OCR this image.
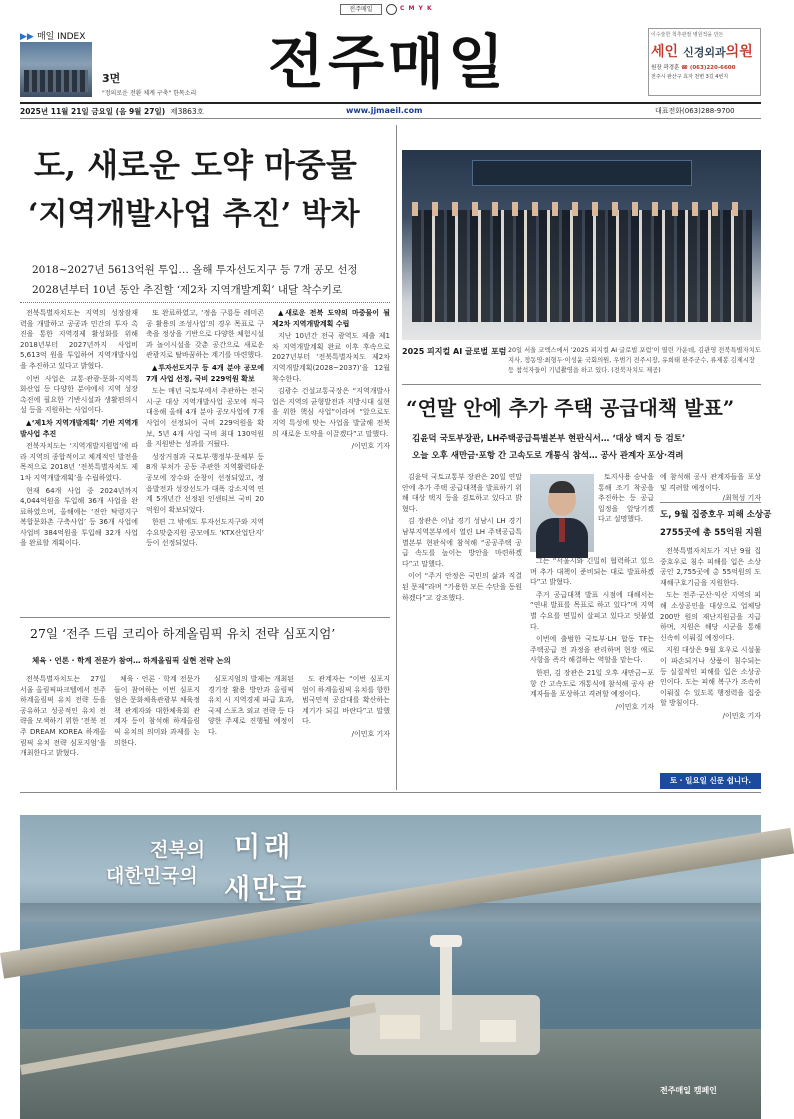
전주매일	C M Y K
▶▶ 매일 INDEX
3면
"정의로운 전환 체계 구축" 한목소리 전주매일	이수술한 척추관절 병원적을 만든
세인 신경외과의원
원장 곽경훈 ☎ (063)220-6600
전주시 완산구 효자 천변 3길 4번지
2025년 11월 21일 금요일 (음 9월 27일) 제3863호	www.jjmaeil.com	대표전화(063)288-9700
도, 새로운 도약 마중물
‘지역개발사업 추진’ 박차
2018~2027년 5613억원 투입… 올해 투자선도지구 등 7개 공모 선정
2028년부터 10년 동안 추진할 ‘제2차 지역개발계획’ 내달 착수키로

전북특별자치도는 지역의 성장잠재력을 개발하고 공공과 민간의 투자 촉진을 통한 지역경제 활성화를 위해 2018년부터 2027년까지 사업비 5,613억 원을 투입하여 지역개발사업을 추진하고 있다고 밝혔다.

이번 사업은 교통·관광·문화·지역특화산업 등 다양한 분야에서 지역 성장촉진에 필요한 기반시설과 생활편의시설 등을 지원하는 사업이다.

▲‘제1차 지역개발계획’ 기반 지역개발사업 추진

전북자치도는 ‘지역개발지원법’에 따라 지역의 종합적이고 체계적인 발전을 목적으로 2018년 ‘전북특별자치도 제1차 지역개발계획’을 수립하였다.

현재 64개 사업 중 2024년까지 4,044억원을 투입해 36개 사업을 완료하였으며, 올해에는 ‘진안 탁령지구 복합문화촌 구축사업’ 등 36개 사업에 사업비 384억원을 투입해 32개 사업을 완료할 계획이다.

또 완료하였고, ‘정읍 구룡동 레미콘공 활용의 조성사업’의 경우 목표로 구축을 정상을 기반으로 다양한 체험시설과 놀이시설을 갖춘 공간으로 새로운 관광지로 탈바꿈하는 계기를 마련했다.

▲투자선도지구 등 4개 분야 공모에 7개 사업 선정, 국비 229억원 확보

도는 매년 국토부에서 주관하는 전국 시·군 대상 지역개발사업 공모에 적극 대응해 올해 4개 분야 공모사업에 7개 사업이 선정되어 국비 229억원을 확보, 5년 4개 사업 국비 최대 130억원을 지원받는 성과를 거뒀다.

성장거점과 국토부·행정부·문체부 등 8개 부처가 공동 주관한 지역활력타운 공모에 장수와 순창이 선정되었고, 정읍발전과 성장선도가 대폭 강소지역 연계 5개년간 선정된 인센티브 국비 20억원이 확보되었다.

한편 그 밖에도 투자선도지구와 지역수요맞춤지원 공모에도 ‘KTX산업단지’ 등이 선정되었다.

▲새로운 전북 도약의 마중물이 될 제2차 지역개발계획 수립

지난 10년간 전국 광역도 제출 제1차 지역개발계획 완료 이후 후속으로 2027년부터 ‘전북특별자치도 제2차 지역개발계획(2028~2037)’을 12월 착수한다.

김광수 건설교통국장은 “지역개발사업은 지역의 균형발전과 지방시대 실현을 위한 핵심 사업”이라며 “앞으로도 지역 특성에 맞는 사업을 발굴해 전북의 새로운 도약을 이끌겠다”고 말했다.

/이민호 기자

2025 피지컬 AI 글로벌 포럼 20일 서울 코엑스에서 ‘2025 피지컬 AI 글로벌 포럼’이 열린 가운데, 김관영 전북특별자치도지사, 정동영·최형두·이성윤 국회의원, 우범기 전주시장, 유희태 완주군수, 류제봉 김제시장 등 참석자들이 기념촬영을 하고 있다. (전북자치도 제공)
“연말 안에 추가 주택 공급대책 발표”
김윤덕 국토부장관, LH주택공급특별본부 현판식서… ‘대상 택지 등 검토’
오늘 오후 새만금·포항 간 고속도로 개통식 참석… 공사 관계자 포상·격려

김윤덕 국토교통부 장관은 20일 연말 안에 추가 주택 공급대책을 발표하기 위해 대상 택지 등을 검토하고 있다고 밝혔다.

김 장관은 이날 경기 성남시 LH 경기남부지역본부에서 열린 LH 주택공급특별본부 현판식에 참석해 “공공주택 공급 속도를 높이는 방안을 마련하겠다”고 말했다.

이어 “주거 안정은 국민의 삶과 직결된 문제”라며 “가용한 모든 수단을 동원하겠다”고 강조했다.

토지사용 승낙을 통해 조기 착공을 추진하는 등 공급 일정을 앞당기겠다고 설명했다.

그는 “서울시와 긴밀히 협력하고 있으며 추가 대책이 준비되는 대로 발표하겠다”고 밝혔다.

주거 공급대책 발표 시점에 대해서는 “연내 발표를 목표로 하고 있다”며 지역별 수요를 면밀히 살피고 있다고 덧붙였다.

이번에 출범한 국토부·LH 합동 TF는 주택공급 전 과정을 관리하며 현장 애로사항을 즉각 해결하는 역할을 맡는다.

한편, 김 장관은 21일 오후 새만금~포항 간 고속도로 개통식에 참석해 공사 관계자들을 포상하고 격려할 예정이다.

/이민호 기자

에 참석해 공사 관계자들을 포상 및 격려할 예정이다.
/최혁성 기자
도, 9월 집중호우 피해 소상공
2755곳에 총 55억원 지원

전북특별자치도가 지난 9월 집중호우로 침수 피해를 입은 소상공인 2,755곳에 총 55억원의 도 재해구호기금을 지원한다.

도는 전주·군산·익산 지역의 피해 소상공인을 대상으로 업체당 200만 원의 재난지원금을 지급하며, 지원은 해당 시군을 통해 신속히 이뤄질 예정이다.

지원 대상은 9월 호우로 시설물이 파손되거나 상품이 침수되는 등 실질적인 피해를 입은 소상공인이다. 도는 피해 복구가 조속히 이뤄질 수 있도록 행정력을 집중할 방침이다.

/이민호 기자

토 · 일요일 신문 쉽니다.
27일 ‘전주 드림 코리아 하계올림픽 유치 전략 심포지엄’
체육 · 언론 · 학계 전문가 참여… 하계올림픽 실현 전략 논의

전북특별자치도는 27일 서울 올림픽파크텔에서 전주 하계올림픽 유치 전략 등을 공유하고 성공적인 유치 전략을 모색하기 위한 ‘전북 전주 DREAM KOREA 하계올림픽 유치 전략 심포지엄’을 개최한다고 밝혔다.

체육 · 언론 · 학계 전문가들이 참여하는 이번 심포지엄은 문화체육관광부 체육정책 관계자와 대한체육회 관계자 등이 참석해 하계올림픽 유치의 의미와 과제를 논의한다.

심포지엄의 발제는 개최된 경기장 활용 방안과 올림픽 유치 시 지역경제 파급 효과, 국제 스포츠 외교 전략 등 다양한 주제로 진행될 예정이다.

도 관계자는 “이번 심포지엄이 하계올림픽 유치를 향한 범국민적 공감대를 확산하는 계기가 되길 바란다”고 말했다.

/이민호 기자

전북의
대한민국의
미래
새만금
전주매일 캠페인
